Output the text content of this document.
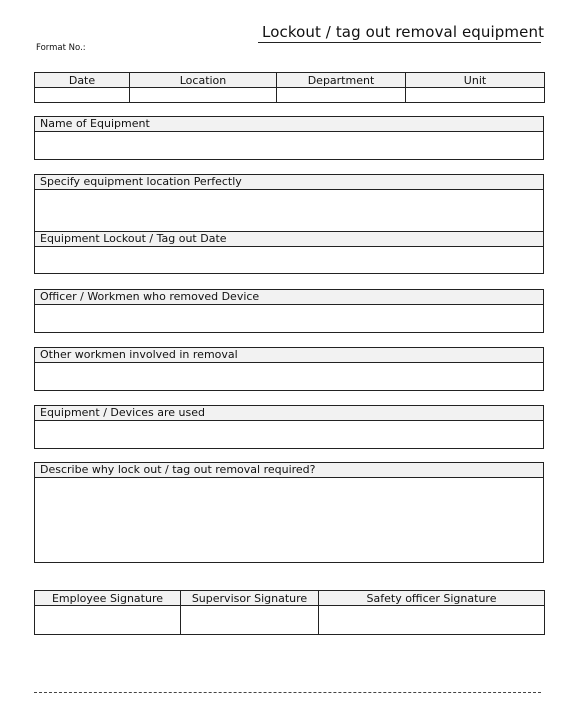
Lockout / tag out removal equipment
Format No.:
Date	Location	Department	Unit

Name of Equipment
Specify equipment location Perfectly
Equipment Lockout / Tag out Date
Officer / Workmen who removed Device
Other workmen involved in removal
Equipment / Devices are used
Describe why lock out / tag out removal required?
Employee Signature	Supervisor Signature	Safety officer Signature
